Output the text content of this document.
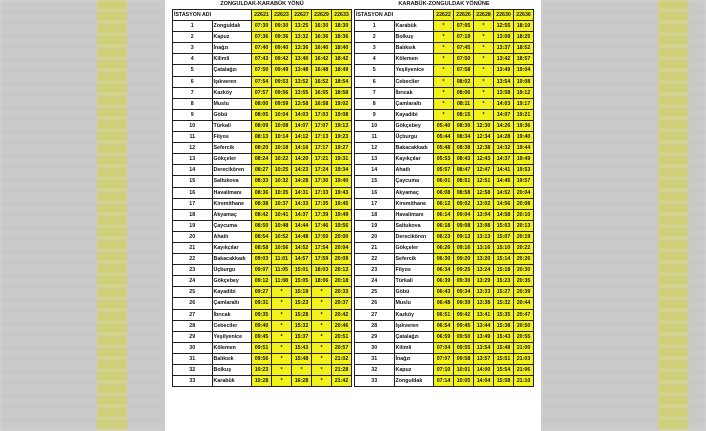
ZONGULDAK-KARABÜK YÖNÜ
İSTASYON ADI		22621	22623	22627	22629	22633
1	Zonguldak	07:30	09:30	13:25	16:30	18:30
2	Kapuz	07:36	09:36	13:32	16:36	18:36
3	İnağzı	07:40	09:40	13:36	16:40	18:40
4	Kilimli	07:43	09:42	13:40	16:42	18:42
5	Çatalağzı	07:50	09:49	13:48	16:48	18:49
6	Işıkveren	07:54	09:53	13:52	16:52	18:54
7	Kazköy	07:57	09:56	13:55	16:55	18:58
8	Muslu	08:00	09:59	13:58	16:58	19:02
9	Göbü	08:05	10:04	14:03	17:03	19:08
10	Türkali	08:09	10:08	14:07	17:07	19:13
11	Filyos	08:13	10:14	14:12	17:13	19:23
12	Sefercik	08:20	10:18	14:16	17:17	19:27
13	Gökçeler	08:24	10:22	14:20	17:21	19:31
14	Derecikören	08:27	10:25	14:23	17:24	19:34
15	Saltukova	08:33	10:32	14:28	17:30	19:40
16	Havalimanı	08:36	10:35	14:31	17:33	19:43
17	Kiremithane	08:38	10:37	14:33	17:35	19:45
18	Akyamaç	08:42	10:41	14:37	17:39	19:49
19	Çaycuma	08:50	10:48	14:44	17:46	19:56
20	Ahatlı	08:54	10:52	14:48	17:50	20:00
21	Kayıkçılar	08:58	10:56	14:52	17:54	20:04
22	Bakacakkadı	09:03	11:01	14:57	17:59	20:09
23	Üçburgu	09:07	11:05	15:01	18:03	20:13
24	Gökçebey	09:12	11:08	15:05	18:06	20:18
25	Kayadibi	09:27	*	15:19	*	20:33
26	Çamlaraltı	09:31	*	15:23	*	20:37
27	İbrıcak	09:35	*	15:28	*	20:42
28	Cebeciler	09:40	*	15:32	*	20:46
29	Yeşilyenice	09:45	*	15:37	*	20:51
30	Kölemen	09:51	*	15:43	*	20:57
31	Balıksık	09:56	*	15:48	*	21:02
32	Bolkuş	10:23	*	*	*	21:28
33	Karabük	10:28	*	16:28	*	21:42
KARABÜK-ZONGULDAK YÖNÜNE
İSTASYON ADI		22622	22626	22628	22630	22636
1	Karabük	*	07:05	*	12:55	18:10
2	Bolkuş	*	07:19	*	13:09	18:25
3	Balıksık	*	07:45	*	13:37	18:52
4	Kölemen	*	07:50	*	13:42	18:57
5	Yeşilyenice	*	07:58	*	13:49	19:04
6	Cebeciler	*	08:02	*	13:54	19:08
7	İbrıcak	*	08:06	*	13:58	19:12
8	Çamlaraltı	*	08:11	*	14:03	19:17
9	Kayadibi	*	08:15	*	14:07	19:21
10	Gökçebey	05:40	08:30	12:30	14:26	19:36
11	Üçburgu	05:44	08:34	12:34	14:28	19:40
12	Bakacakkadı	05:48	08:38	12:38	14:32	19:44
13	Kayıkçılar	05:53	08:43	12:43	14:37	19:49
14	Ahatlı	05:57	08:47	12:47	14:41	19:53
15	Çaycuma	06:01	08:51	12:51	14:45	19:57
16	Akyamaç	06:08	08:58	12:58	14:52	20:04
17	Kiremithane	06:12	09:02	13:02	14:56	20:08
18	Havalimanı	06:14	09:04	13:04	14:58	20:10
19	Saltukova	06:18	09:08	13:08	15:03	20:13
20	Derecikören	06:23	09:13	13:13	15:07	20:19
21	Gökçeler	06:26	09:16	13:16	15:10	20:22
22	Sefercik	06:30	09:20	13:20	15:14	20:26
23	Filyos	06:34	09:25	13:24	15:18	20:30
24	Türkali	06:39	09:30	13:29	15:23	20:35
25	Göbü	06:43	09:34	13:33	15:27	20:39
26	Muslu	06:48	09:39	13:38	15:32	20:44
27	Kazköy	06:51	09:42	13:41	15:35	20:47
28	Işıkveren	06:54	09:45	13:44	15:38	20:50
29	Çatalağzı	06:59	09:50	13:49	15:43	20:55
30	Kilimli	07:04	09:55	13:54	15:48	21:00
31	İnağzı	07:07	09:58	13:57	15:51	21:03
32	Kapuz	07:10	10:01	14:00	15:54	21:06
33	Zonguldak	07:14	10:05	14:04	15:58	21:10
